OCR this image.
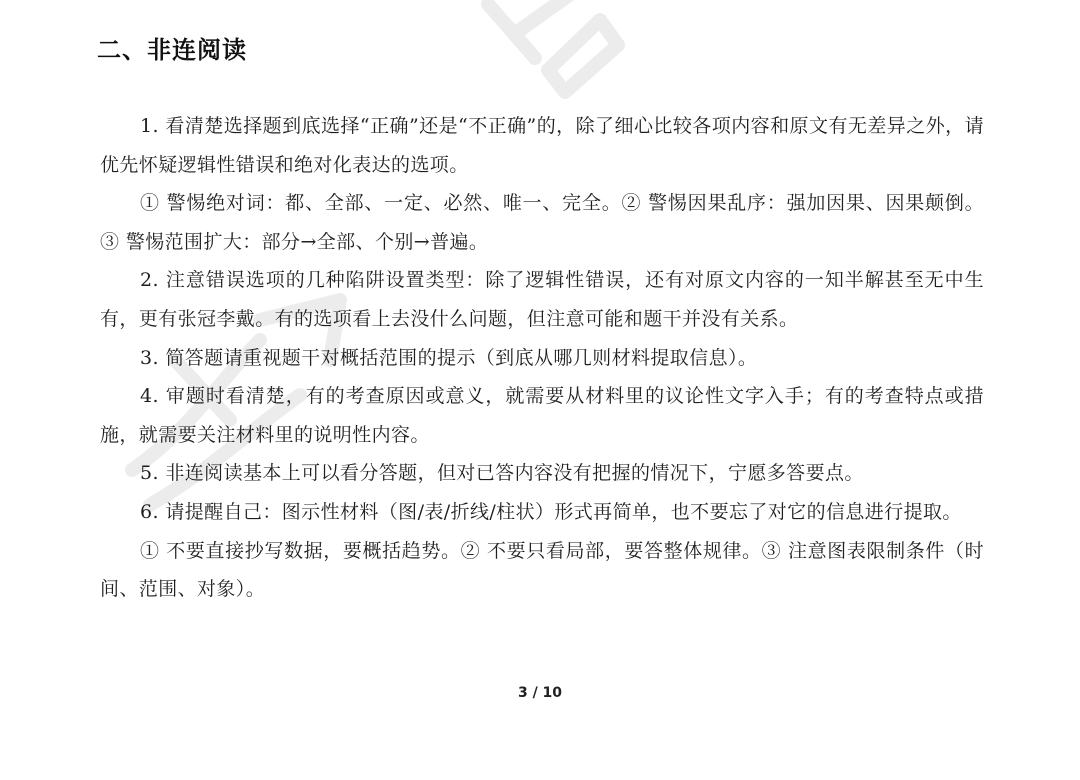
二、非连阅读

1. 看清楚选择题到底选择“正确”还是“不正确”的，除了细心比较各项内容和原文有无差异之外，请优先怀疑逻辑性错误和绝对化表达的选项。

① 警惕绝对词：都、全部、一定、必然、唯一、完全。② 警惕因果乱序：强加因果、因果颠倒。③ 警惕范围扩大：部分→全部、个别→普遍。

2. 注意错误选项的几种陷阱设置类型：除了逻辑性错误，还有对原文内容的一知半解甚至无中生有，更有张冠李戴。有的选项看上去没什么问题，但注意可能和题干并没有关系。

3. 简答题请重视题干对概括范围的提示（到底从哪几则材料提取信息）。

4. 审题时看清楚，有的考查原因或意义，就需要从材料里的议论性文字入手；有的考查特点或措施，就需要关注材料里的说明性内容。

5. 非连阅读基本上可以看分答题，但对已答内容没有把握的情况下，宁愿多答要点。

6. 请提醒自己：图示性材料（图/表/折线/柱状）形式再简单，也不要忘了对它的信息进行提取。

① 不要直接抄写数据，要概括趋势。② 不要只看局部，要答整体规律。③ 注意图表限制条件（时间、范围、对象）。

3 / 10
